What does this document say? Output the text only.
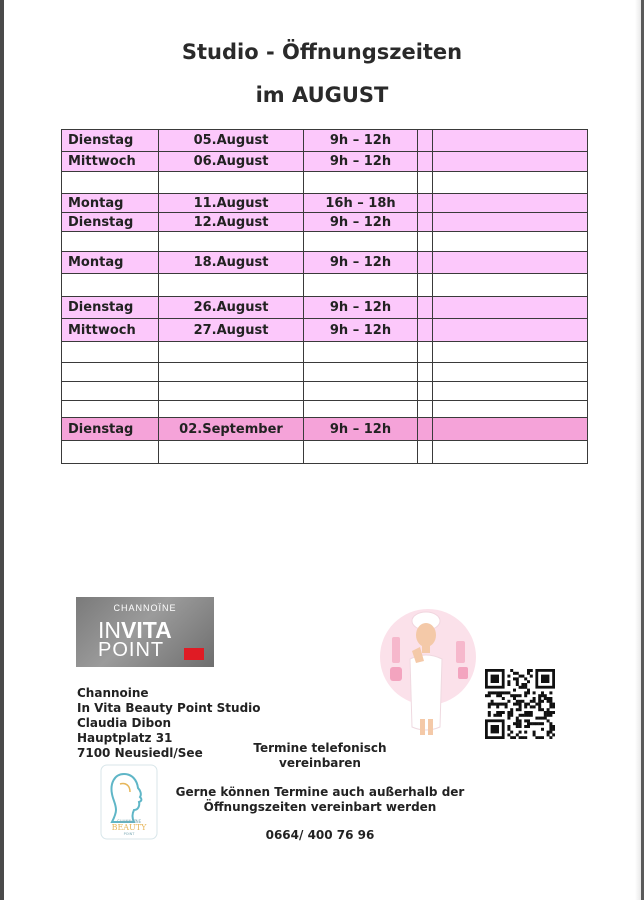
Studio - Öffnungszeiten
im AUGUST
Dienstag	05.August	9h – 12h		
Mittwoch	06.August	9h – 12h		

Montag	11.August	16h – 18h		
Dienstag	12.August	9h – 12h		

Montag	18.August	9h – 12h		

Dienstag	26.August	9h – 12h		
Mittwoch	27.August	9h – 12h		

Dienstag	02.September	9h – 12h		

CHANNOÏNE
INVITA
POINT
Channoine
In Vita Beauty Point Studio
Claudia Dibon
Hauptplatz 31
7100 Neusiedl/See
CHANNOÏNE
BEAUTY
POINT
Termine telefonisch
vereinbaren
Gerne können Termine auch außerhalb der
Öffnungszeiten vereinbart werden
0664/ 400 76 96
